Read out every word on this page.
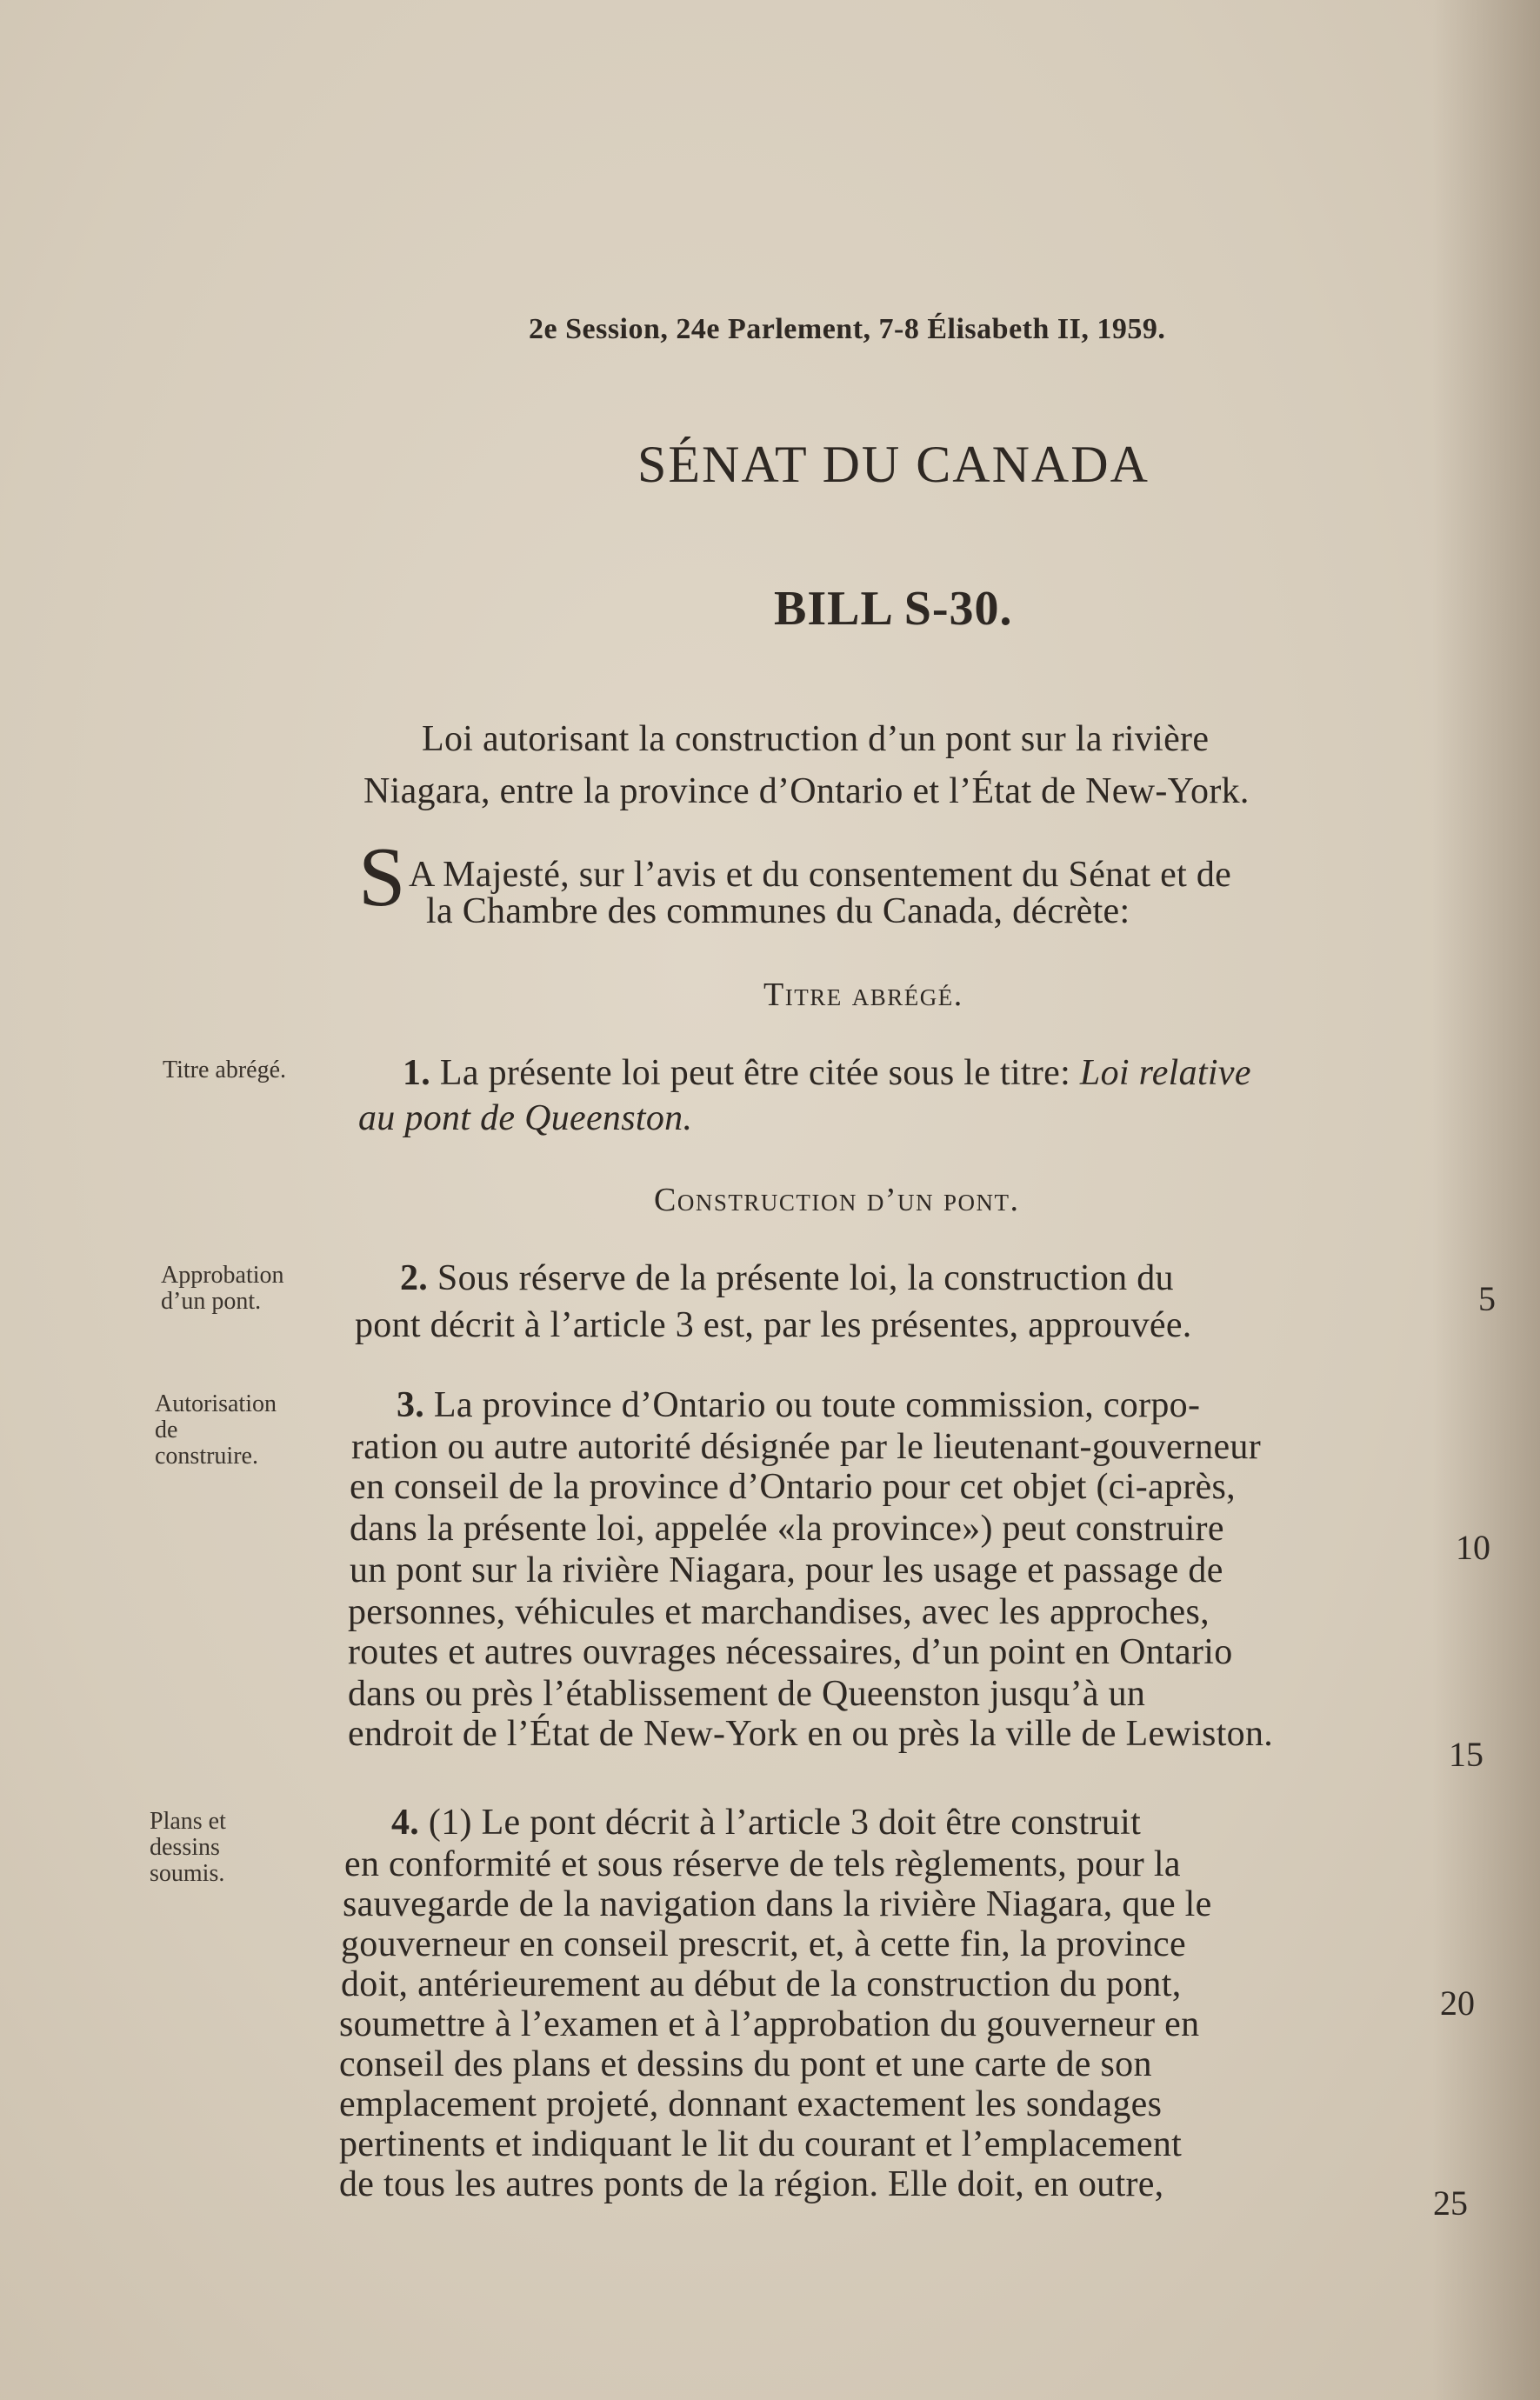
2e Session, 24e Parlement, 7-8 Élisabeth II, 1959.
SÉNAT DU CANADA
BILL S-30.
Loi autorisant la construction d’un pont sur la rivière
Niagara, entre la province d’Ontario et l’État de New-York.
S A Majesté, sur l’avis et du consentement du Sénat et de
la Chambre des communes du Canada, décrète:
Titre abrégé.
Titre abrégé.	1. La présente loi peut être citée sous le titre: Loi relative
au pont de Queenston.
Construction d’un pont.
Approbation
d’un pont.
2. Sous réserve de la présente loi, la construction du
5
pont décrit à l’article 3 est, par les présentes, approuvée.
Autorisation
de
construire.
3. La province d’Ontario ou toute commission, corpo-
ration ou autre autorité désignée par le lieutenant-gouverneur
en conseil de la province d’Ontario pour cet objet (ci-après,
dans la présente loi, appelée «la province») peut construire	10
un pont sur la rivière Niagara, pour les usage et passage de
personnes, véhicules et marchandises, avec les approches,
routes et autres ouvrages nécessaires, d’un point en Ontario
dans ou près l’établissement de Queenston jusqu’à un
endroit de l’État de New-York en ou près la ville de Lewiston.
15
Plans et
dessins
soumis.
4. (1) Le pont décrit à l’article 3 doit être construit
en conformité et sous réserve de tels règlements, pour la
sauvegarde de la navigation dans la rivière Niagara, que le
gouverneur en conseil prescrit, et, à cette fin, la province
doit, antérieurement au début de la construction du pont,	20
soumettre à l’examen et à l’approbation du gouverneur en
conseil des plans et dessins du pont et une carte de son
emplacement projeté, donnant exactement les sondages
pertinents et indiquant le lit du courant et l’emplacement
de tous les autres ponts de la région. Elle doit, en outre,	25
